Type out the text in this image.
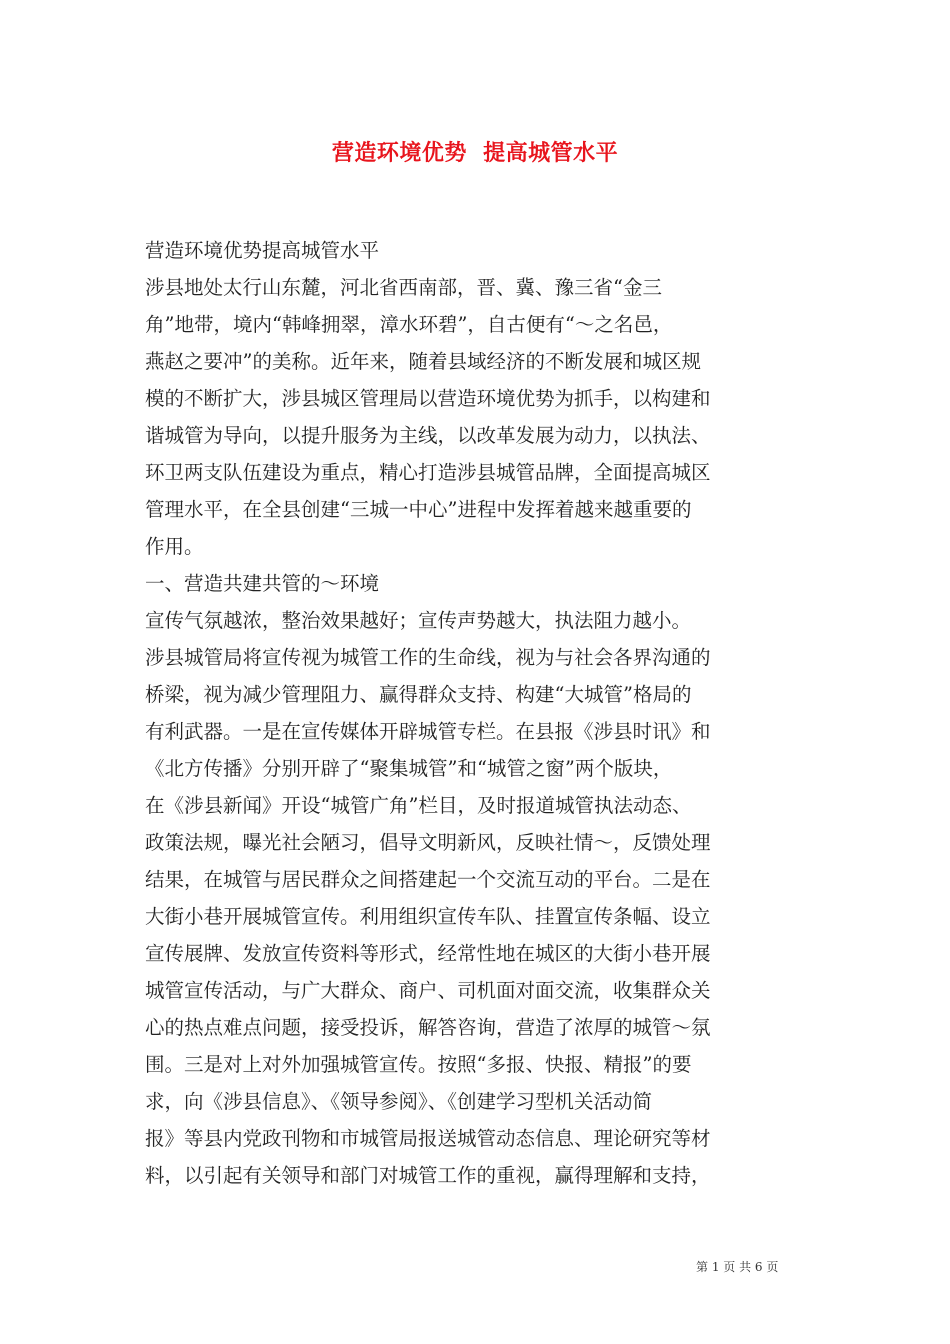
营造环境优势  提高城管水平
营造环境优势提高城管水平
涉县地处太行山东麓，河北省西南部，晋、冀、豫三省“金三
角”地带，境内“韩峰拥翠，漳水环碧”，自古便有“～之名邑，
燕赵之要冲”的美称。近年来，随着县域经济的不断发展和城区规
模的不断扩大，涉县城区管理局以营造环境优势为抓手，以构建和
谐城管为导向，以提升服务为主线，以改革发展为动力，以执法、
环卫两支队伍建设为重点，精心打造涉县城管品牌，全面提高城区
管理水平，在全县创建“三城一中心”进程中发挥着越来越重要的
作用。
一、营造共建共管的～环境
宣传气氛越浓，整治效果越好；宣传声势越大，执法阻力越小。
涉县城管局将宣传视为城管工作的生命线，视为与社会各界沟通的
桥梁，视为减少管理阻力、赢得群众支持、构建“大城管”格局的
有利武器。一是在宣传媒体开辟城管专栏。在县报《涉县时讯》和
《北方传播》分别开辟了“聚集城管”和“城管之窗”两个版块，
在《涉县新闻》开设“城管广角”栏目，及时报道城管执法动态、
政策法规，曝光社会陋习，倡导文明新风，反映社情～，反馈处理
结果，在城管与居民群众之间搭建起一个交流互动的平台。二是在
大街小巷开展城管宣传。利用组织宣传车队、挂置宣传条幅、设立
宣传展牌、发放宣传资料等形式，经常性地在城区的大街小巷开展
城管宣传活动，与广大群众、商户、司机面对面交流，收集群众关
心的热点难点问题，接受投诉，解答咨询，营造了浓厚的城管～氛
围。三是对上对外加强城管宣传。按照“多报、快报、精报”的要
求，向《涉县信息》、《领导参阅》、《创建学习型机关活动简
报》等县内党政刊物和市城管局报送城管动态信息、理论研究等材
料，以引起有关领导和部门对城管工作的重视，赢得理解和支持，
第 1 页 共 6 页
